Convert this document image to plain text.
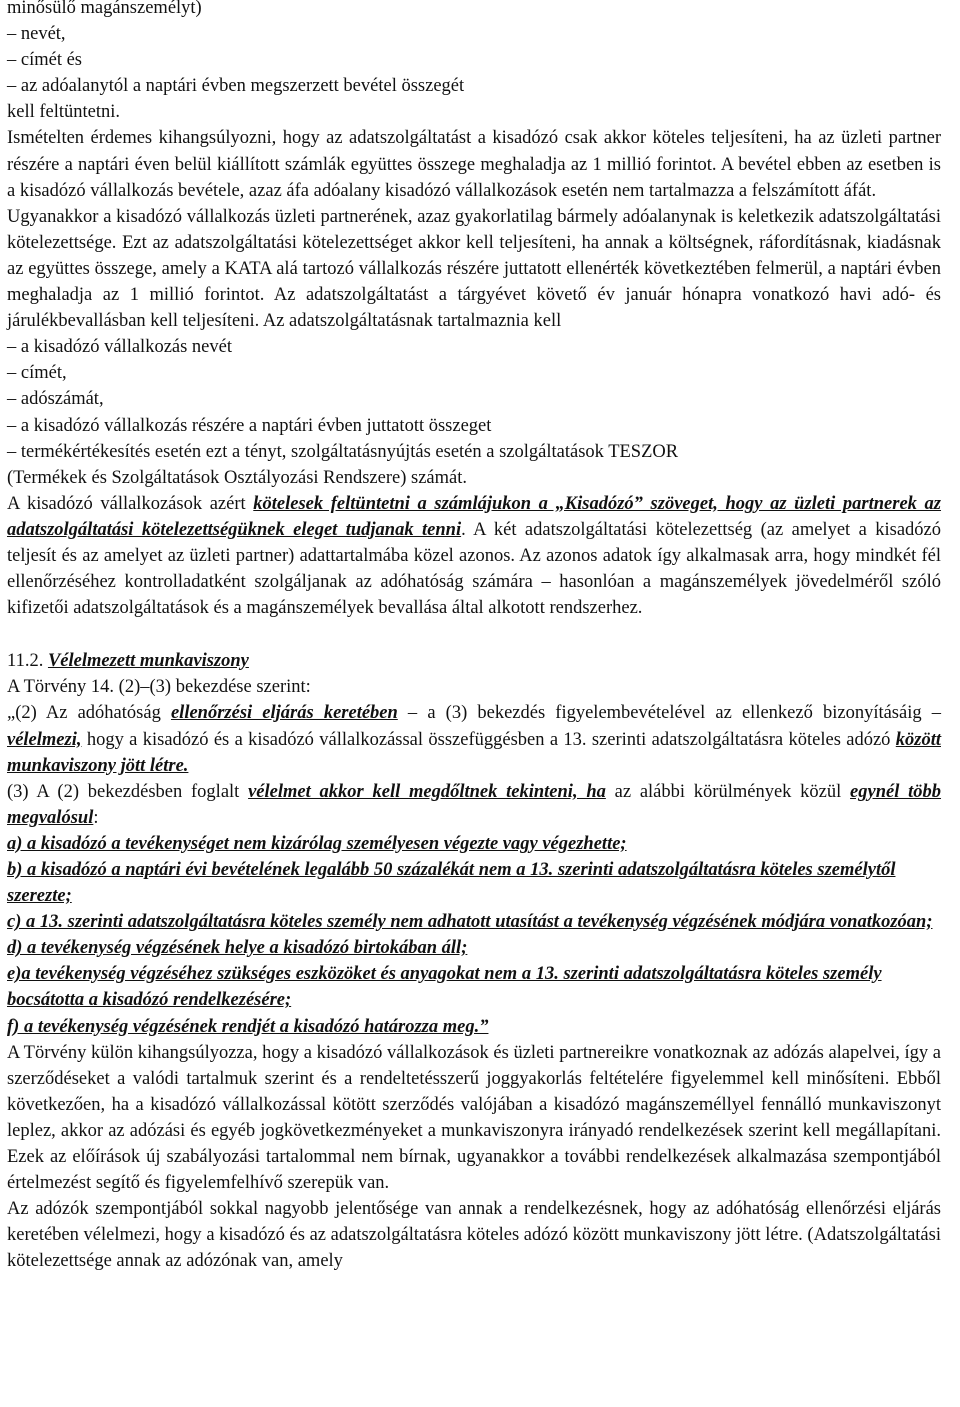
minősülő magánszemélyt)
– nevét,
– címét és
– az adóalanytól a naptári évben megszerzett bevétel összegét
kell feltüntetni.

Ismételten érdemes kihangsúlyozni, hogy az adatszolgáltatást a kisadózó csak akkor köteles teljesíteni, ha az üzleti partner részére a naptári éven belül kiállított számlák együttes összege meghaladja az 1 millió forintot. A bevétel ebben az esetben is a kisadózó vállalkozás bevétele, azaz áfa adóalany kisadózó vállalkozások esetén nem tartalmazza a felszámított áfát.

Ugyanakkor a kisadózó vállalkozás üzleti partnerének, azaz gyakorlatilag bármely adóalanynak is keletkezik adatszolgáltatási kötelezettsége. Ezt az adatszolgáltatási kötelezettséget akkor kell teljesíteni, ha annak a költségnek, ráfordításnak, kiadásnak az együttes összege, amely a KATA alá tartozó vállalkozás részére juttatott ellenérték következtében felmerül, a naptári évben meghaladja az 1 millió forintot. Az adatszolgáltatást a tárgyévet követő év január hónapra vonatkozó havi adó- és járulékbevallásban kell teljesíteni. Az adatszolgáltatásnak tartalmaznia kell

– a kisadózó vállalkozás nevét
– címét,
– adószámát,
– a kisadózó vállalkozás részére a naptári évben juttatott összeget
– termékértékesítés esetén ezt a tényt, szolgáltatásnyújtás esetén a szolgáltatások TESZOR
(Termékek és Szolgáltatások Osztályozási Rendszere) számát.

A kisadózó vállalkozások azért kötelesek feltüntetni a számlájukon a „Kisadózó” szöveget, hogy az üzleti partnerek az adatszolgáltatási kötelezettségüknek eleget tudjanak tenni. A két adatszolgáltatási kötelezettség (az amelyet a kisadózó teljesít és az amelyet az üzleti partner) adattartalmába közel azonos. Az azonos adatok így alkalmasak arra, hogy mindkét fél ellenőrzéséhez kontrolladatként szolgáljanak az adóhatóság számára – hasonlóan a magánszemélyek jövedelméről szóló kifizetői adatszolgáltatások és a magánszemélyek bevallása által alkotott rendszerhez.

11.2. Vélelmezett munkaviszony

A Törvény 14. (2)–(3) bekezdése szerint:

„(2) Az adóhatóság ellenőrzési eljárás keretében – a (3) bekezdés figyelembevételével az ellenkező bizonyításáig – vélelmezi, hogy a kisadózó és a kisadózó vállalkozással összefüggésben a 13. szerinti adatszolgáltatásra köteles adózó között munkaviszony jött létre.

(3) A (2) bekezdésben foglalt vélelmet akkor kell megdőltnek tekinteni, ha az alábbi körülmények közül egynél több megvalósul:

a) a kisadózó a tevékenységet nem kizárólag személyesen végezte vagy végezhette;
b) a kisadózó a naptári évi bevételének legalább 50 százalékát nem a 13. szerinti adatszolgáltatásra köteles személytől szerezte;
c) a 13. szerinti adatszolgáltatásra köteles személy nem adhatott utasítást a tevékenység végzésének módjára vonatkozóan;
d) a tevékenység végzésének helye a kisadózó birtokában áll;
e)a tevékenység végzéséhez szükséges eszközöket és anyagokat nem a 13. szerinti adatszolgáltatásra köteles személy bocsátotta a kisadózó rendelkezésére;
f) a tevékenység végzésének rendjét a kisadózó határozza meg.”

A Törvény külön kihangsúlyozza, hogy a kisadózó vállalkozások és üzleti partnereikre vonatkoznak az adózás alapelvei, így a szerződéseket a valódi tartalmuk szerint és a rendeltetésszerű joggyakorlás feltételére figyelemmel kell minősíteni. Ebből következően, ha a kisadózó vállalkozással kötött szerződés valójában a kisadózó magánszeméllyel fennálló munkaviszonyt leplez, akkor az adózási és egyéb jogkövetkezményeket a munkaviszonyra irányadó rendelkezések szerint kell megállapítani. Ezek az előírások új szabályozási tartalommal nem bírnak, ugyanakkor a további rendelkezések alkalmazása szempontjából értelmezést segítő és figyelemfelhívő szerepük van.

Az adózók szempontjából sokkal nagyobb jelentősége van annak a rendelkezésnek, hogy az adóhatóság ellenőrzési eljárás keretében vélelmezi, hogy a kisadózó és az adatszolgáltatásra köteles adózó között munkaviszony jött létre. (Adatszolgáltatási kötelezettsége annak az adózónak van, amely
